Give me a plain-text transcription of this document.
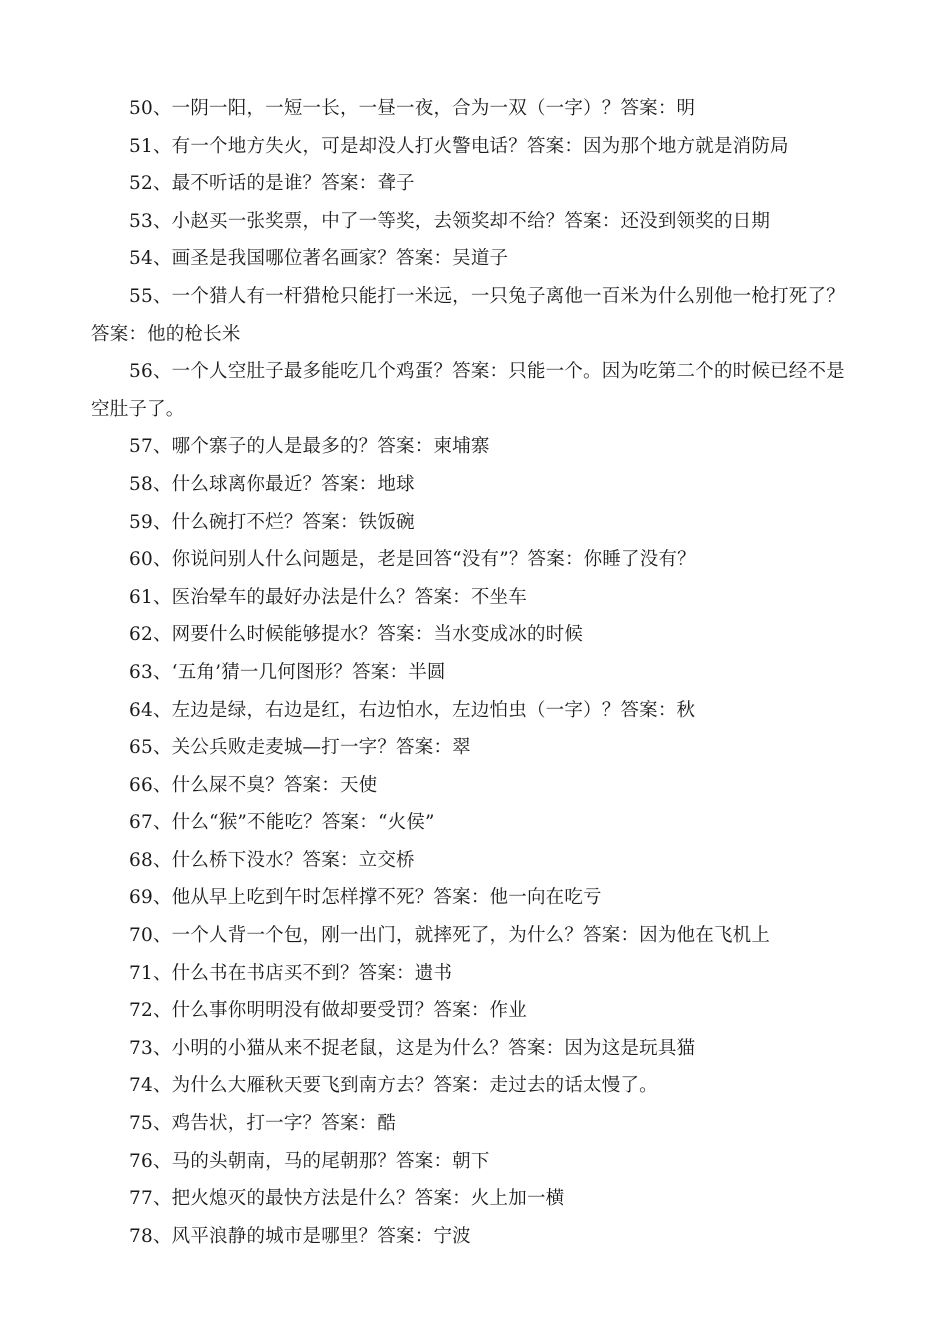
50、一阴一阳，一短一长，一昼一夜，合为一双（一字）？答案：明

51、有一个地方失火，可是却没人打火警电话？答案：因为那个地方就是消防局

52、最不听话的是谁？答案：聋子

53、小赵买一张奖票，中了一等奖，去领奖却不给？答案：还没到领奖的日期

54、画圣是我国哪位著名画家？答案：吴道子

55、一个猎人有一杆猎枪只能打一米远，一只兔子离他一百米为什么别他一枪打死了？答案：他的枪长米

56、一个人空肚子最多能吃几个鸡蛋？答案：只能一个。因为吃第二个的时候已经不是空肚子了。

57、哪个寨子的人是最多的？答案：柬埔寨

58、什么球离你最近？答案：地球

59、什么碗打不烂？答案：铁饭碗

60、你说问别人什么问题是，老是回答“没有”？答案：你睡了没有？

61、医治晕车的最好办法是什么？答案：不坐车

62、网要什么时候能够提水？答案：当水变成冰的时候

63、‘五角’猜一几何图形？答案：半圆

64、左边是绿，右边是红，右边怕水，左边怕虫（一字）？答案：秋

65、关公兵败走麦城—打一字？答案：翠

66、什么屎不臭？答案：天使

67、什么“猴”不能吃？答案：“火侯”

68、什么桥下没水？答案：立交桥

69、他从早上吃到午时怎样撑不死？答案：他一向在吃亏

70、一个人背一个包，刚一出门，就摔死了，为什么？答案：因为他在飞机上

71、什么书在书店买不到？答案：遗书

72、什么事你明明没有做却要受罚？答案：作业

73、小明的小猫从来不捉老鼠，这是为什么？答案：因为这是玩具猫

74、为什么大雁秋天要飞到南方去？答案：走过去的话太慢了。

75、鸡告状，打一字？答案：酷

76、马的头朝南，马的尾朝那？答案：朝下

77、把火熄灭的最快方法是什么？答案：火上加一横

78、风平浪静的城市是哪里？答案：宁波
